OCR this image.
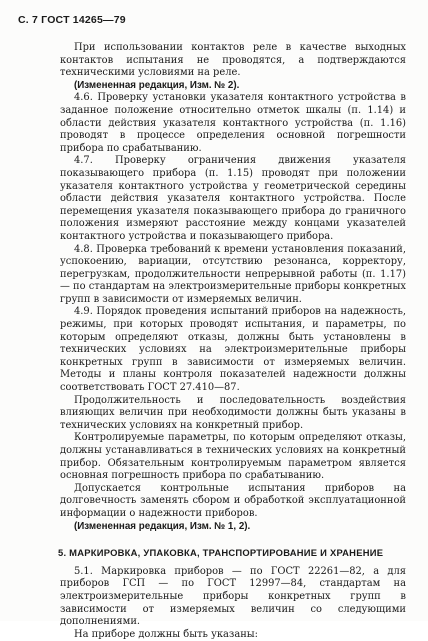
С. 7 ГОСТ 14265—79

При использовании контактов реле в качестве выходных контактов испытания не проводятся, а подтверждаются техническими условиями на реле.

(Измененная редакция, Изм. № 2).

4.6. Проверку установки указателя контактного устройства в заданное положение относительно отметок шкалы (п. 1.14) и области действия указателя контактного устройства (п. 1.16) проводят в процессе определения основной погрешности прибора по срабатыванию.

4.7. Проверку ограничения движения указателя показывающего прибора (п. 1.15) проводят при положении указателя контактного устройства у геометрической середины области действия указателя контактного устройства. После перемещения указателя показывающего прибора до граничного положения измеряют расстояние между концами указателей контактного устройства и показывающего прибора.

4.8. Проверка требований к времени установления показаний, успокоению, вариации, отсутствию резонанса, корректору, перегрузкам, продолжительности непрерывной работы (п. 1.17) — по стандартам на электроизмерительные приборы конкретных групп в зависимости от измеряемых величин.

4.9. Порядок проведения испытаний приборов на надежность, режимы, при которых проводят испытания, и параметры, по которым определяют отказы, должны быть установлены в технических условиях на электроизмерительные приборы конкретных групп в зависимости от измеряемых величин. Методы и планы контроля показателей надежности должны соответствовать ГОСТ 27.410—87.

Продолжительность и последовательность воздействия влияющих величин при необходимости должны быть указаны в технических условиях на конкретный прибор.

Контролируемые параметры, по которым определяют отказы, должны устанавливаться в технических условиях на конкретный прибор. Обязательным контролируемым параметром является основная погрешность прибора по срабатыванию.

Допускается контрольные испытания приборов на долговечность заменять сбором и обработкой эксплуатационной информации о надежности приборов.

(Измененная редакция, Изм. № 1, 2).

5. МАРКИРОВКА, УПАКОВКА, ТРАНСПОРТИРОВАНИЕ И ХРАНЕНИЕ

5.1. Маркировка приборов — по ГОСТ 22261—82, а для приборов ГСП — по ГОСТ 12997—84, стандартам на электроизмерительные приборы конкретных групп в зависимости от измеряемых величин со следующими дополнениями.

На приборе должны быть указаны:
